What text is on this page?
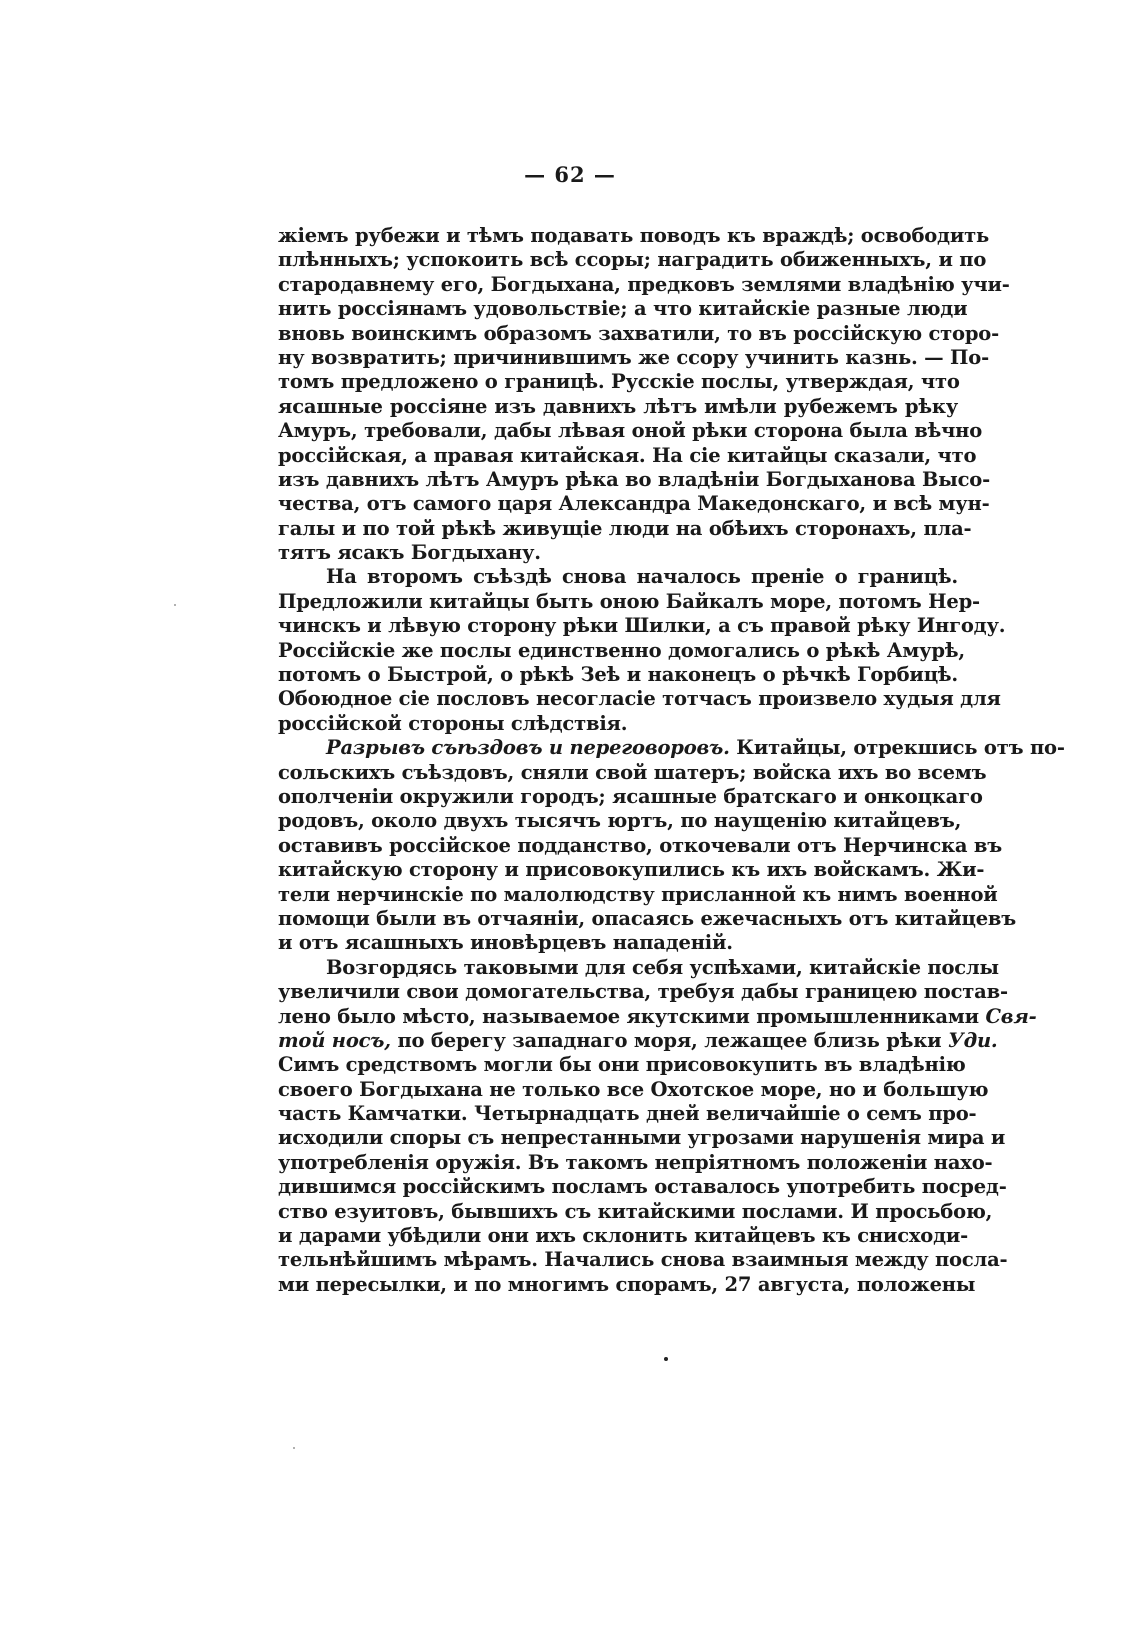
— 62 —
жіемъ рубежи и тѣмъ подавать поводъ къ враждѣ; освободить
плѣнныхъ; успокоить всѣ ссоры; наградить обиженныхъ, и по
стародавнему его, Богдыхана, предковъ землями владѣнію учи-
нить россіянамъ удовольствіе; а что китайскіе разные люди
вновь воинскимъ образомъ захватили, то въ россійскую сторо-
ну возвратить; причинившимъ же ссору учинить казнь. — По-
томъ предложено о границѣ. Русскіе послы, утверждая, что
ясашные россіяне изъ давнихъ лѣтъ имѣли рубежемъ рѣку
Амуръ, требовали, дабы лѣвая оной рѣки сторона была вѣчно
россійская, а правая китайская. На сіе китайцы сказали, что
изъ давнихъ лѣтъ Амуръ рѣка во владѣніи Богдыханова Высо-
чества, отъ самого царя Александра Македонскаго, и всѣ мун-
галы и по той рѣкѣ живущіе люди на обѣихъ сторонахъ, пла-
тятъ ясакъ Богдыхану.
На второмъ съѣздѣ снова началось преніе о границѣ.
Предложили китайцы быть оною Байкалъ море, потомъ Нер-
чинскъ и лѣвую сторону рѣки Шилки, а съ правой рѣку Ингоду.
Россійскіе же послы единственно домогались о рѣкѣ Амурѣ,
потомъ о Быстрой, о рѣкѣ Зеѣ и наконецъ о рѣчкѣ Горбицѣ.
Обоюдное сіе пословъ несогласіе тотчасъ произвело худыя для
россійской стороны слѣдствія.
Разрывъ съѣздовъ и переговоровъ. Китайцы, отрекшись отъ по-
сольскихъ съѣздовъ, сняли свой шатеръ; войска ихъ во всемъ
ополченіи окружили городъ; ясашные братскаго и онкоцкаго
родовъ, около двухъ тысячъ юртъ, по наущенію китайцевъ,
оставивъ россійское подданство, откочевали отъ Нерчинска въ
китайскую сторону и присовокупились къ ихъ войскамъ. Жи-
тели нерчинскіе по малолюдству присланной къ нимъ военной
помощи были въ отчаяніи, опасаясь ежечасныхъ отъ китайцевъ
и отъ ясашныхъ иновѣрцевъ нападеній.
Возгордясь таковыми для себя успѣхами, китайскіе послы
увеличили свои домогательства, требуя дабы границею постав-
лено было мѣсто, называемое якутскими промышленниками Свя-
той носъ, по берегу западнаго моря, лежащее близь рѣки Уди.
Симъ средствомъ могли бы они присовокупить въ владѣнію
своего Богдыхана не только все Охотское море, но и большую
часть Камчатки. Четырнадцать дней величайшіе о семъ про-
исходили споры съ непрестанными угрозами нарушенія мира и
употребленія оружія. Въ такомъ непріятномъ положеніи нахо-
дившимся россійскимъ посламъ оставалось употребить посред-
ство езуитовъ, бывшихъ съ китайскими послами. И просьбою,
и дарами убѣдили они ихъ склонить китайцевъ къ снисходи-
тельнѣйшимъ мѣрамъ. Начались снова взаимныя между посла-
ми пересылки, и по многимъ спорамъ, 27 августа, положены
